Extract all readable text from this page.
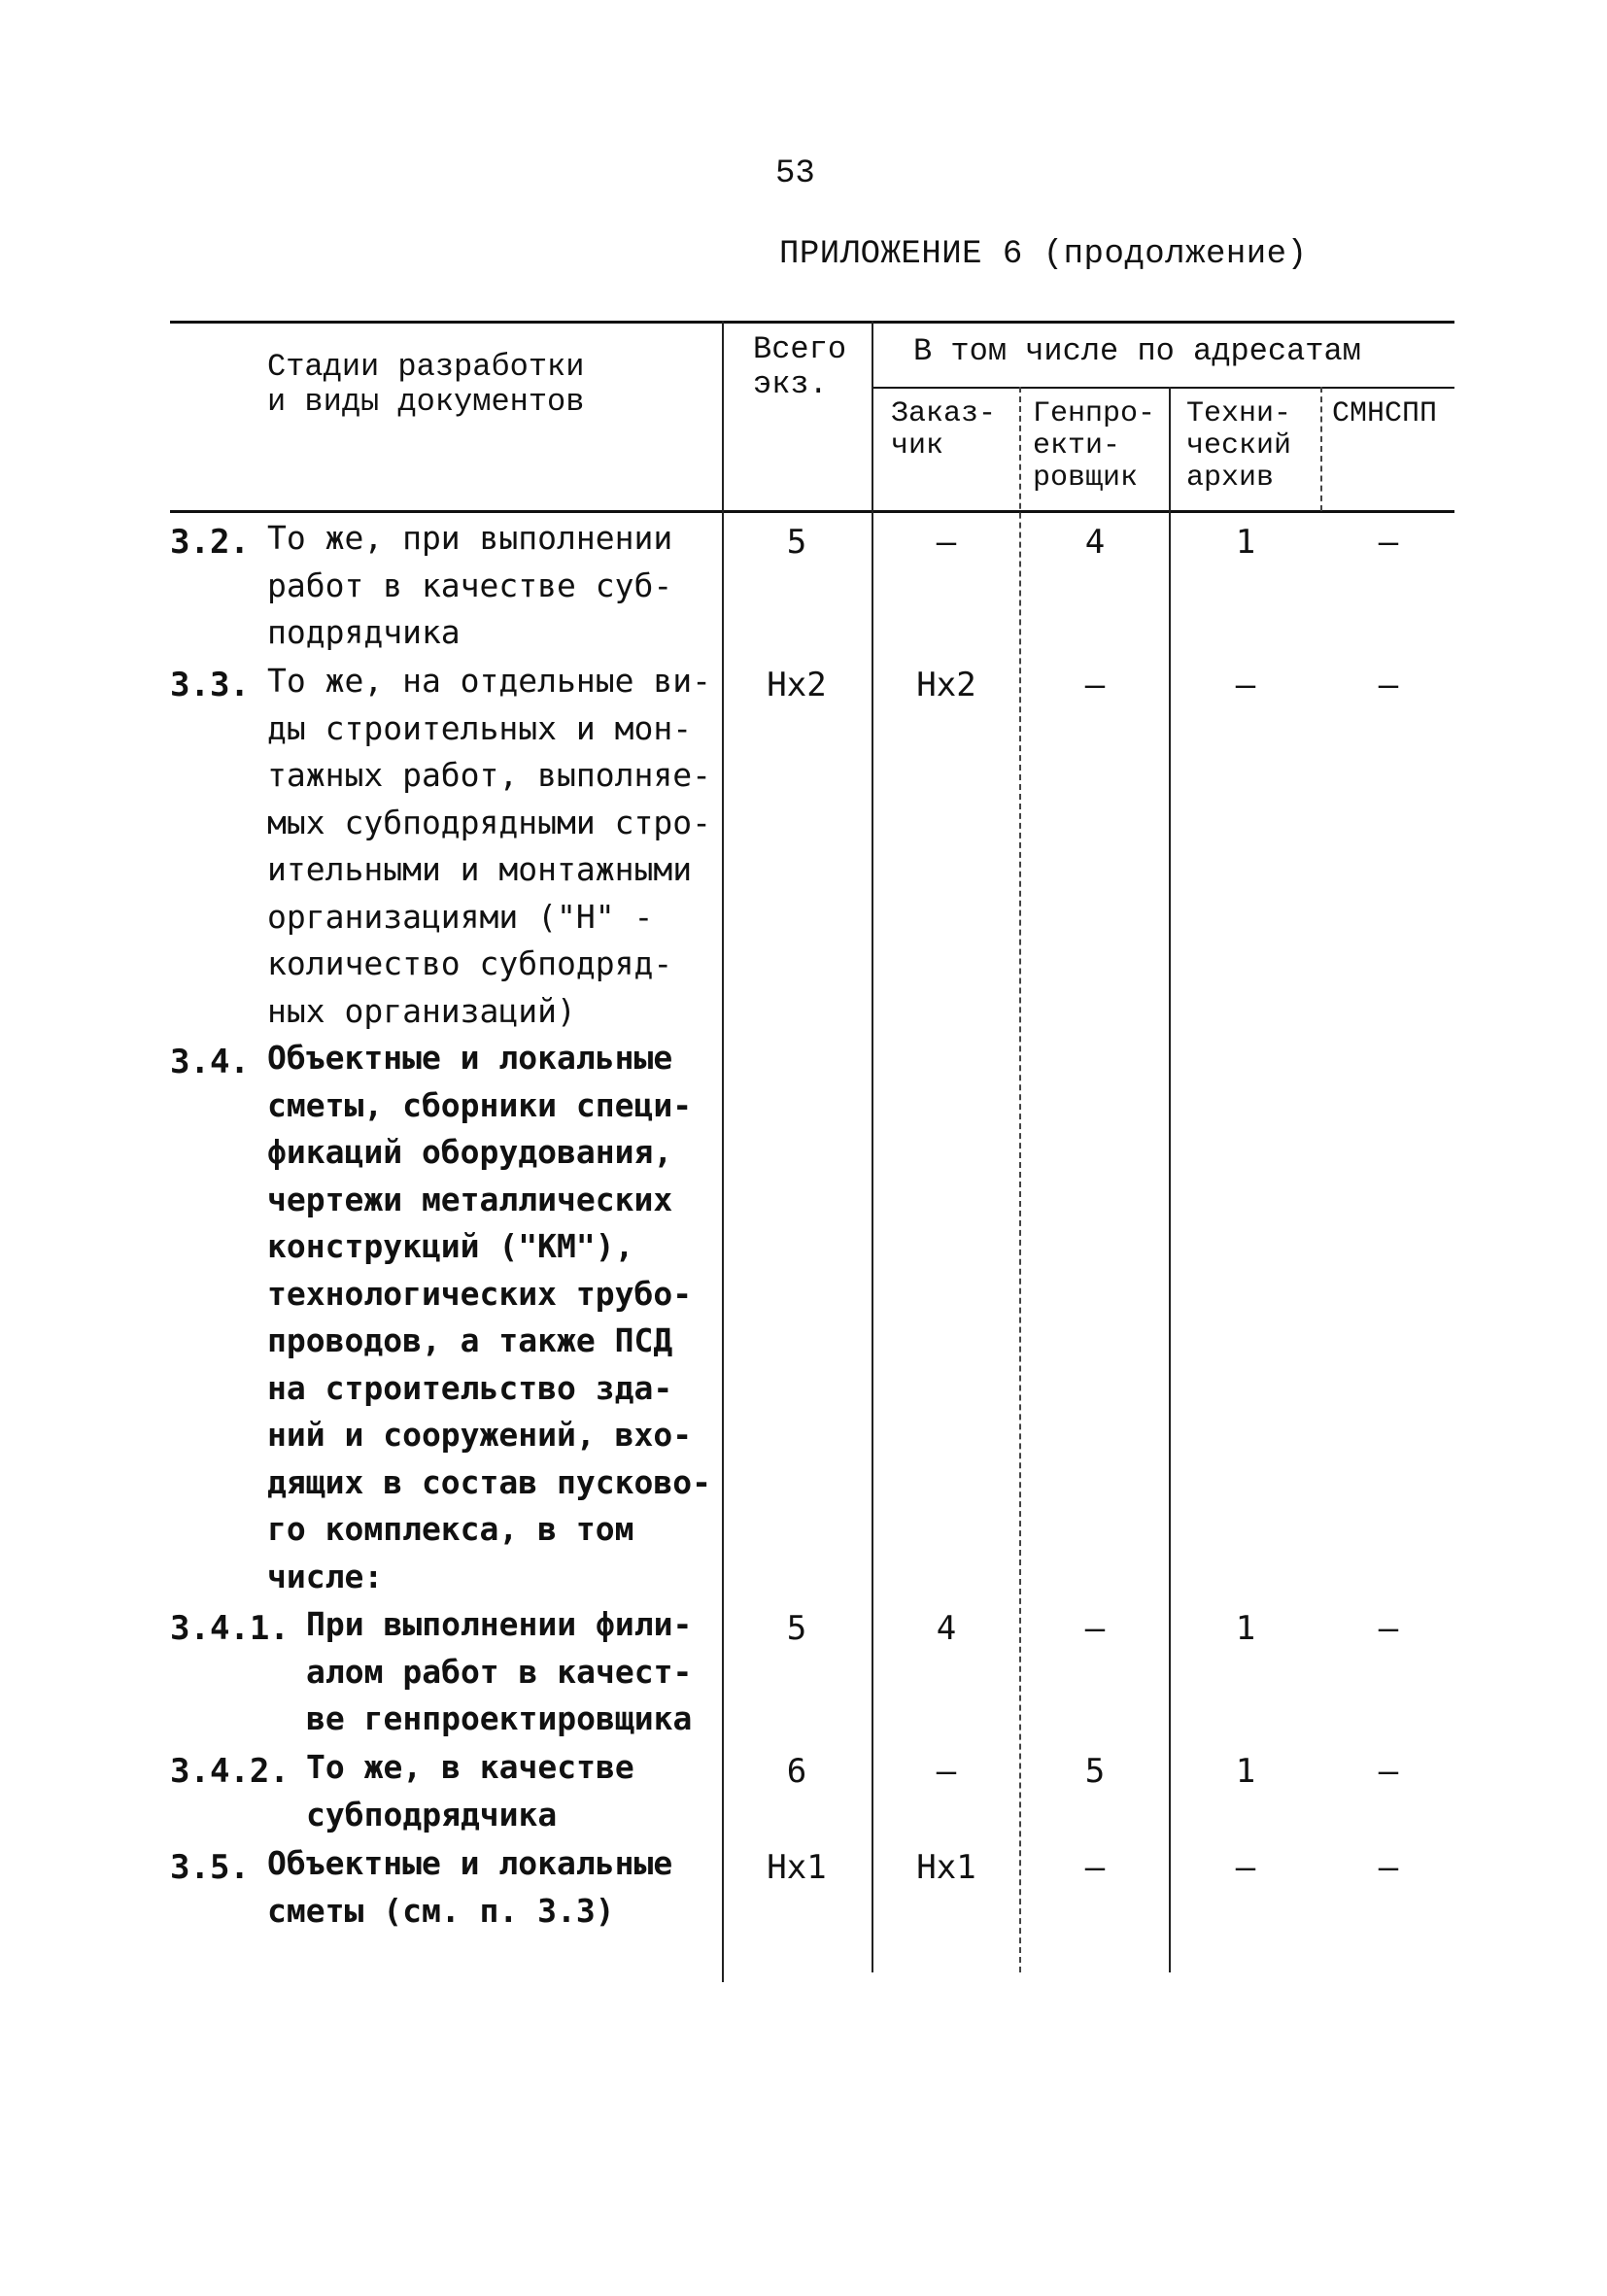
53
ПРИЛОЖЕНИЕ 6 (продолжение)
Стадии разработки
и виды документов
Всего
экз.
В том числе по адресатам
Заказ-
чик
Генпро-
екти-
ровщик
Техни-
ческий
архив
СМНСПП
3.2. То же, при выполнении
работ в качестве суб-
подрядчика
5	–	4	1	–
3.3. То же, на отдельные ви-
ды строительных и мон-
тажных работ, выполняе-
мых субподрядными стро-
ительными и монтажными
организациями ("Н" -
количество субподряд-
ных организаций)
Нх2	Нх2	–	–	–
3.4. Объектные и локальные
сметы, сборники специ-
фикаций оборудования,
чертежи металлических
конструкций ("КМ"),
технологических трубо-
проводов, а также ПСД
на строительство зда-
ний и сооружений, вхо-
дящих в состав пусково-
го комплекса, в том
числе:
3.4.1. При выполнении фили-
алом работ в качест-
ве генпроектировщика
5	4	–	1	–
3.4.2. То же, в качестве
субподрядчика
6	–	5	1	–
3.5. Объектные и локальные
сметы (см. п. 3.3)
Нх1	Нх1	–	–	–
